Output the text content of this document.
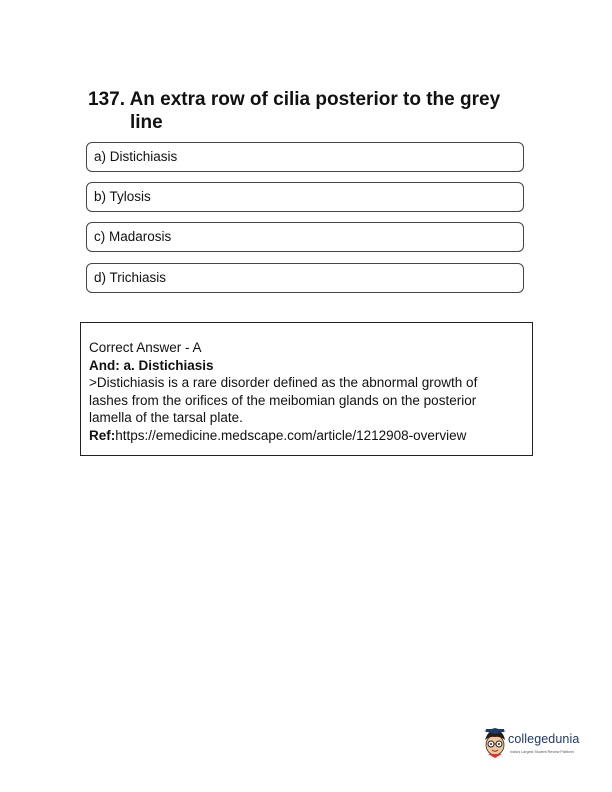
137. An extra row of cilia posterior to the grey
line
a) Distichiasis
b) Tylosis
c) Madarosis
d) Trichiasis
Correct Answer - A
And: a. Distichiasis
>Distichiasis is a rare disorder defined as the abnormal growth of
lashes from the orifices of the meibomian glands on the posterior
lamella of the tarsal plate.
Ref:https://emedicine.medscape.com/article/1212908-overview
collegedunia
India's Largest Student Review Platform
